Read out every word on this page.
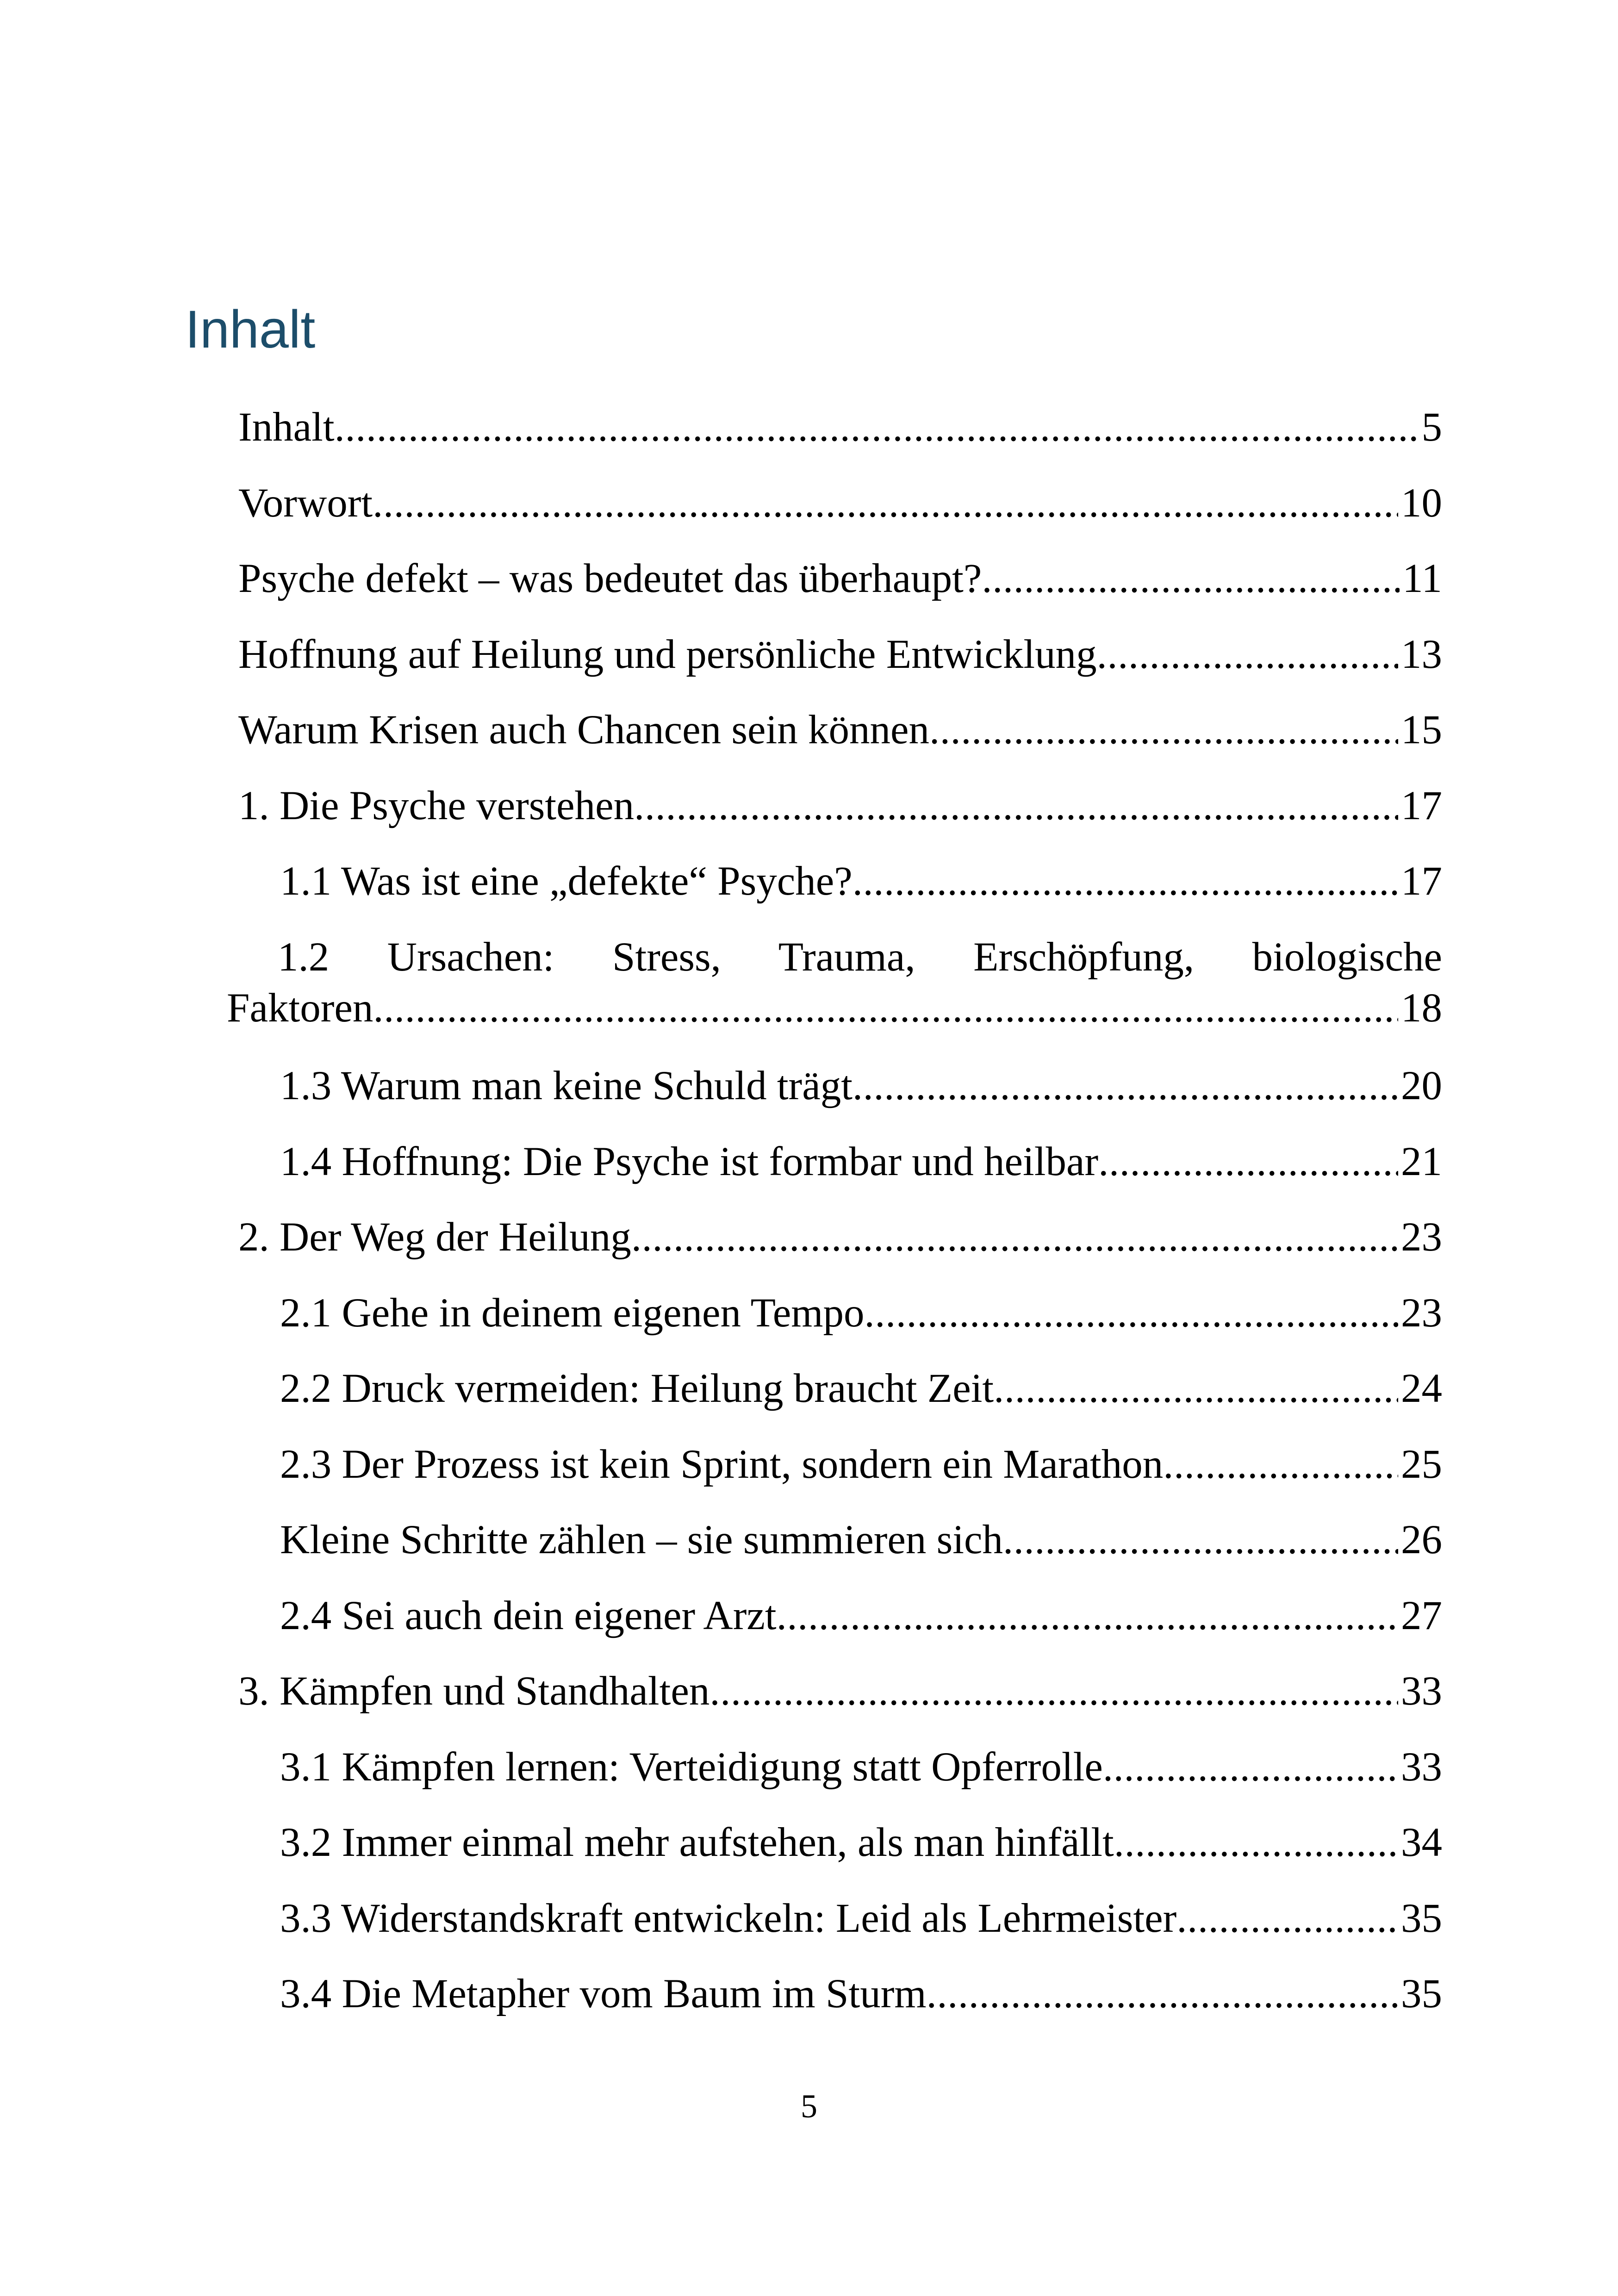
Inhalt
Inhalt .....	5
Vorwort .....	10
Psyche defekt – was bedeutet das überhaupt? .....	11
Hoffnung auf Heilung und persönliche Entwicklung .....	13
Warum Krisen auch Chancen sein können .....	15
1. Die Psyche verstehen .....	17
1.1 Was ist eine „defekte“ Psyche? .....	17
1.2 Ursachen: Stress, Trauma, Erschöpfung, biologische
Faktoren .....	18
1.3 Warum man keine Schuld trägt .....	20
1.4 Hoffnung: Die Psyche ist formbar und heilbar .....	21
2. Der Weg der Heilung .....	23
2.1 Gehe in deinem eigenen Tempo .....	23
2.2 Druck vermeiden: Heilung braucht Zeit .....	24
2.3 Der Prozess ist kein Sprint, sondern ein Marathon .....	25
Kleine Schritte zählen – sie summieren sich .....	26
2.4 Sei auch dein eigener Arzt .....	27
3. Kämpfen und Standhalten .....	33
3.1 Kämpfen lernen: Verteidigung statt Opferrolle .....	33
3.2 Immer einmal mehr aufstehen, als man hinfällt .....	34
3.3 Widerstandskraft entwickeln: Leid als Lehrmeister .....	35
3.4 Die Metapher vom Baum im Sturm .....	35
5
